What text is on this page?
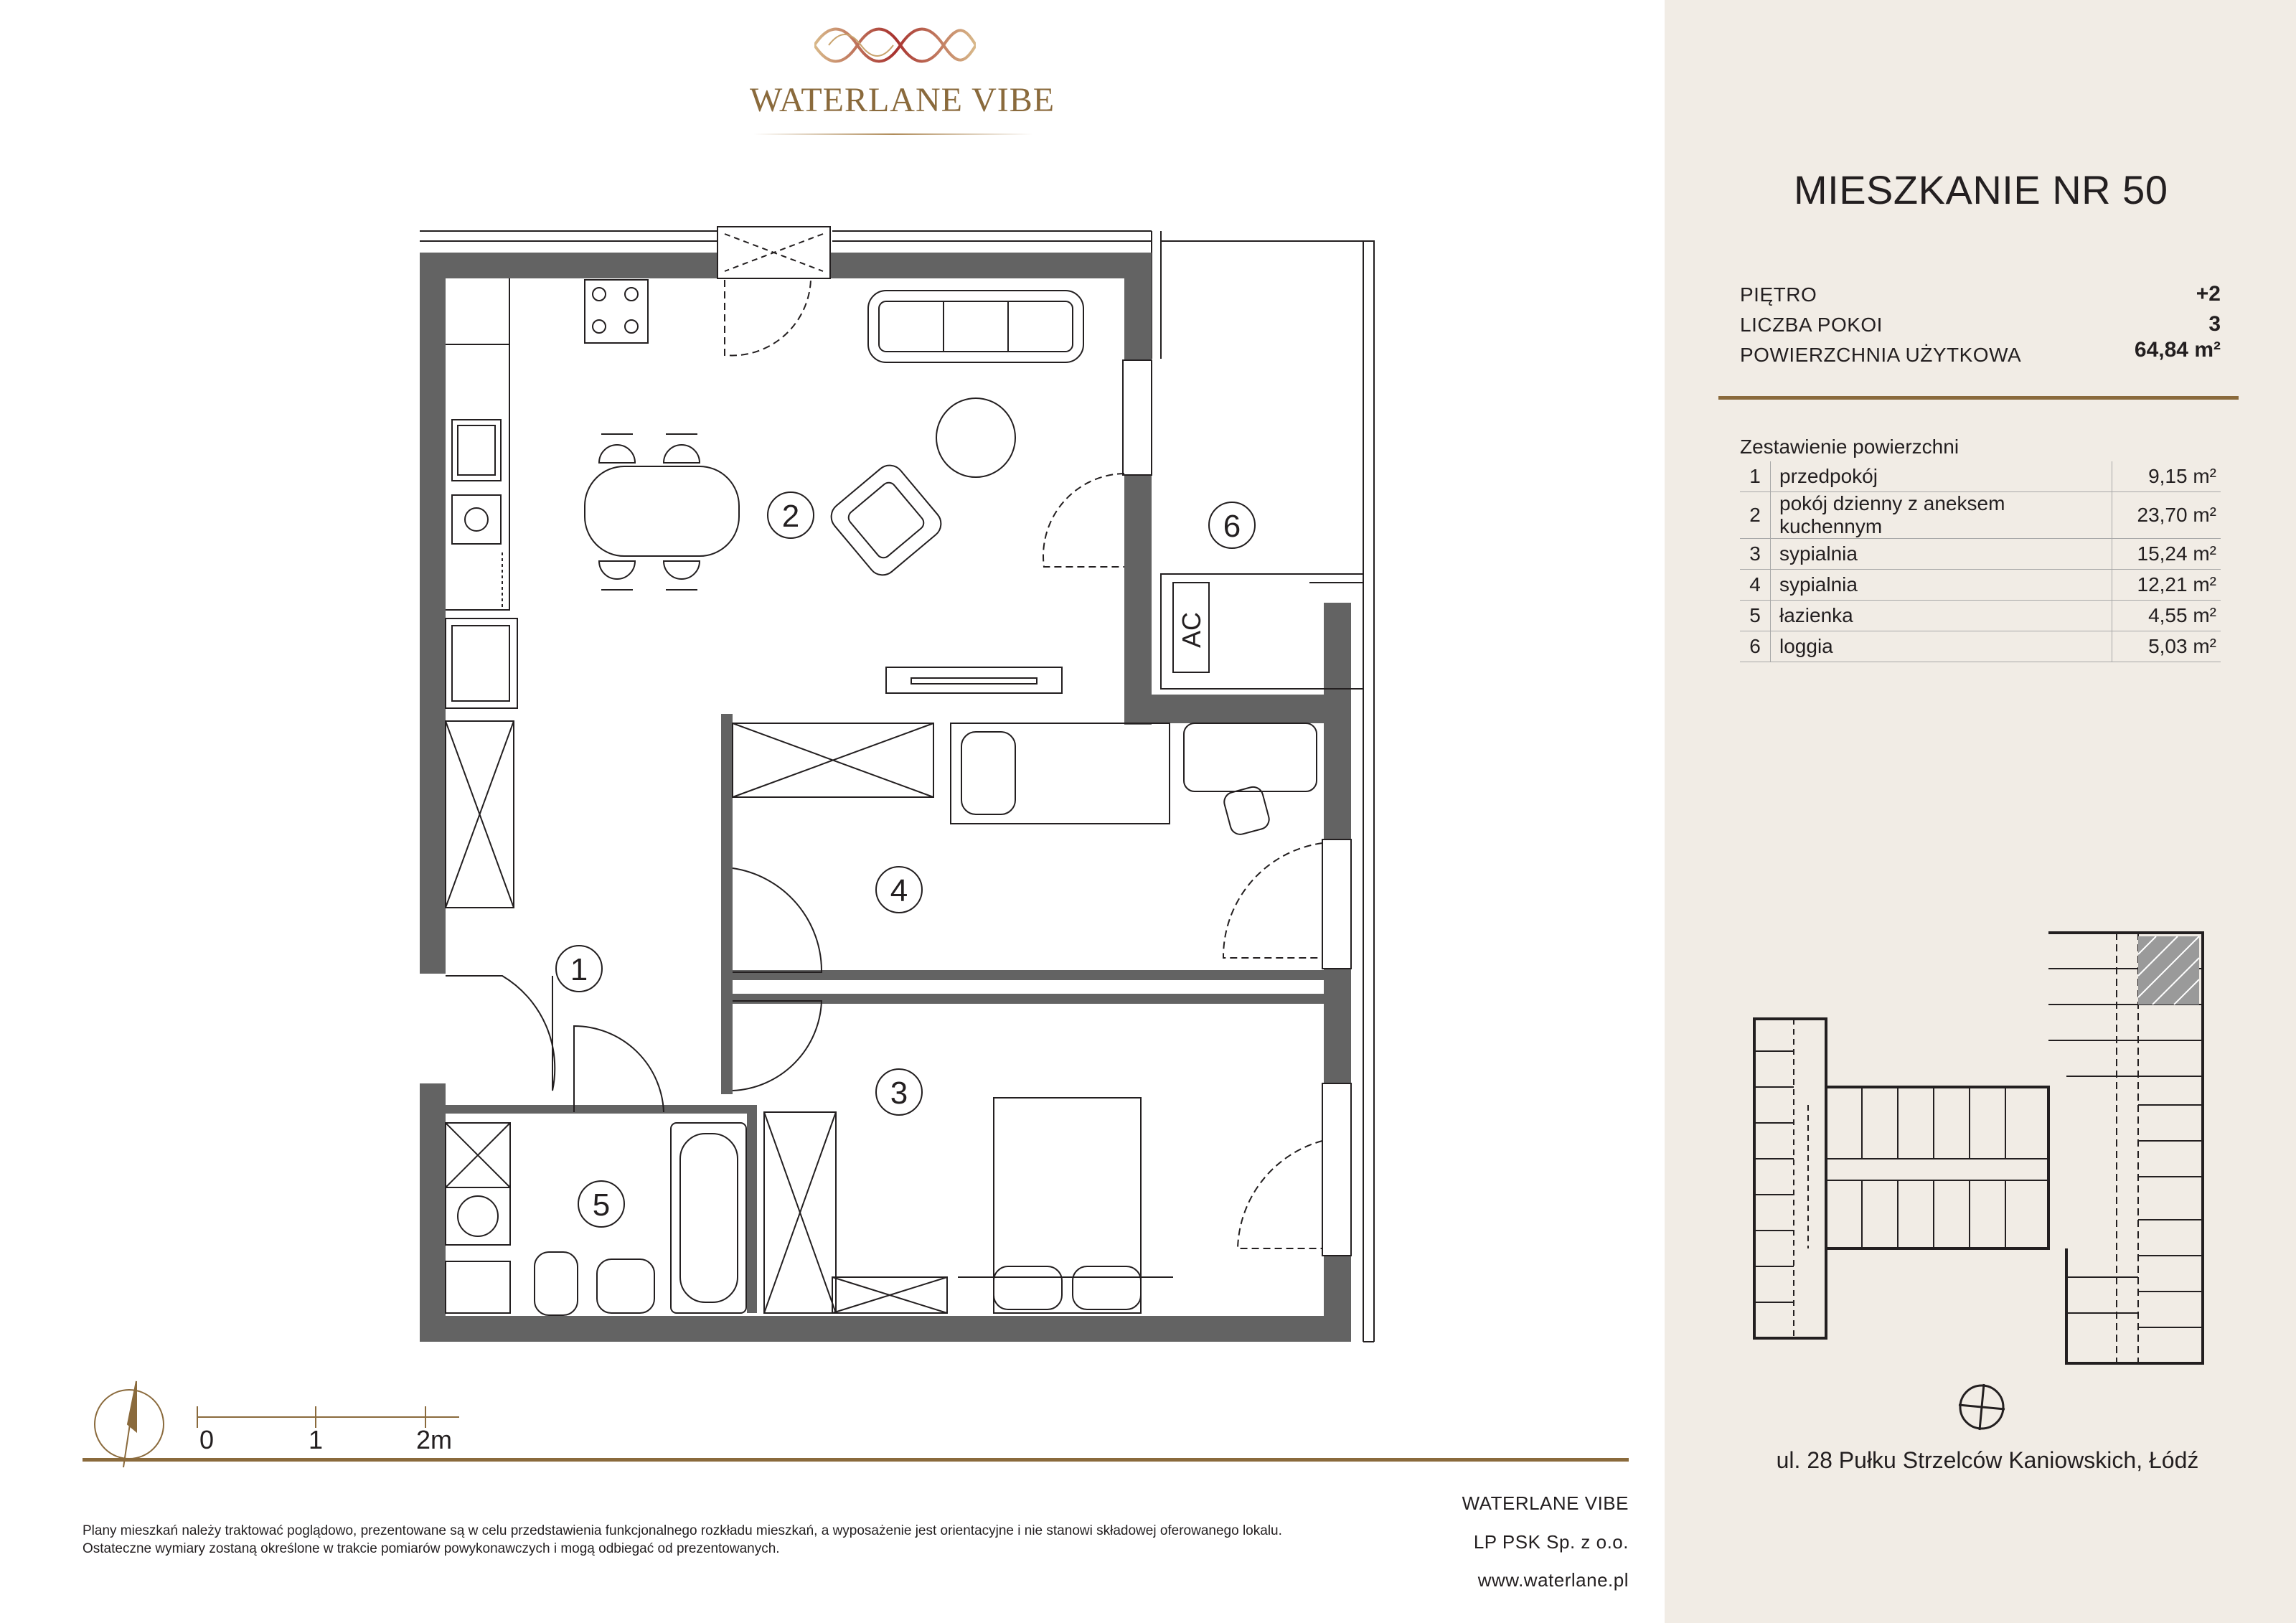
WATERLANE VIBE
1
2
3
4
5
6
AC
0	1	2m
WATERLANE VIBE
LP PSK Sp. z o.o.
www.waterlane.pl
Plany mieszkań należy traktować poglądowo, prezentowane są w celu przedstawienia funkcjonalnego rozkładu mieszkań, a wyposażenie jest orientacyjne i nie stanowi składowej oferowanego lokalu.
Ostateczne wymiary zostaną określone w trakcie pomiarów powykonawczych i mogą odbiegać od prezentowanych.
MIESZKANIE NR 50
PIĘTRO	+2
LICZBA POKOI	3
POWIERZCHNIA UŻYTKOWA	64,84 m²
Zestawienie powierzchni
1	przedpokój	9,15 m²
2	pokój dzienny z aneksem kuchennym	23,70 m²
3	sypialnia	15,24 m²
4	sypialnia	12,21 m²
5	łazienka	4,55 m²
6	loggia	5,03 m²
ul. 28 Pułku Strzelców Kaniowskich, Łódź
